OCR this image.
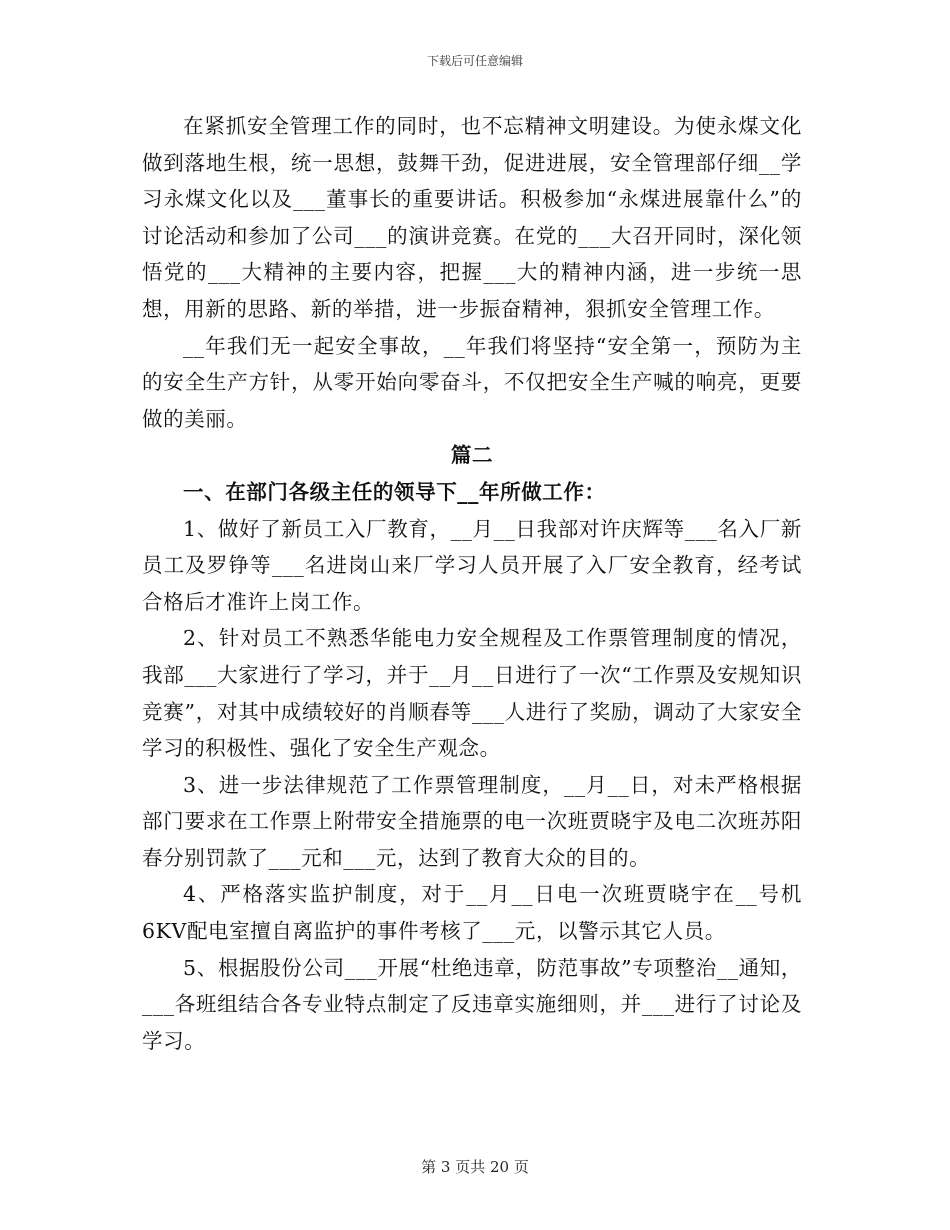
下载后可任意编辑

在紧抓安全管理工作的同时，也不忘精神文明建设。为使永煤文化做到落地生根，统一思想，鼓舞干劲，促进进展，安全管理部仔细__学习永煤文化以及___董事长的重要讲话。积极参加“永煤进展靠什么”的讨论活动和参加了公司___的演讲竞赛。在党的___大召开同时，深化领悟党的___大精神的主要内容，把握___大的精神内涵，进一步统一思想，用新的思路、新的举措，进一步振奋精神，狠抓安全管理工作。

__年我们无一起安全事故，__年我们将坚持“安全第一，预防为主的安全生产方针，从零开始向零奋斗，不仅把安全生产喊的响亮，更要做的美丽。

篇二

一、在部门各级主任的领导下__年所做工作：

1、做好了新员工入厂教育，__月__日我部对许庆辉等___名入厂新员工及罗铮等___名进岗山来厂学习人员开展了入厂安全教育，经考试合格后才准许上岗工作。

2、针对员工不熟悉华能电力安全规程及工作票管理制度的情况，我部___大家进行了学习，并于__月__日进行了一次“工作票及安规知识竞赛”，对其中成绩较好的肖顺春等___人进行了奖励，调动了大家安全学习的积极性、强化了安全生产观念。

3、进一步法律规范了工作票管理制度，__月__日，对未严格根据部门要求在工作票上附带安全措施票的电一次班贾晓宇及电二次班苏阳春分别罚款了___元和___元，达到了教育大众的目的。

4、严格落实监护制度，对于__月__日电一次班贾晓宇在__号机6KV配电室擅自离监护的事件考核了___元，以警示其它人员。

5、根据股份公司___开展“杜绝违章，防范事故”专项整治__通知，___各班组结合各专业特点制定了反违章实施细则，并___进行了讨论及学习。

第 3 页共 20 页
